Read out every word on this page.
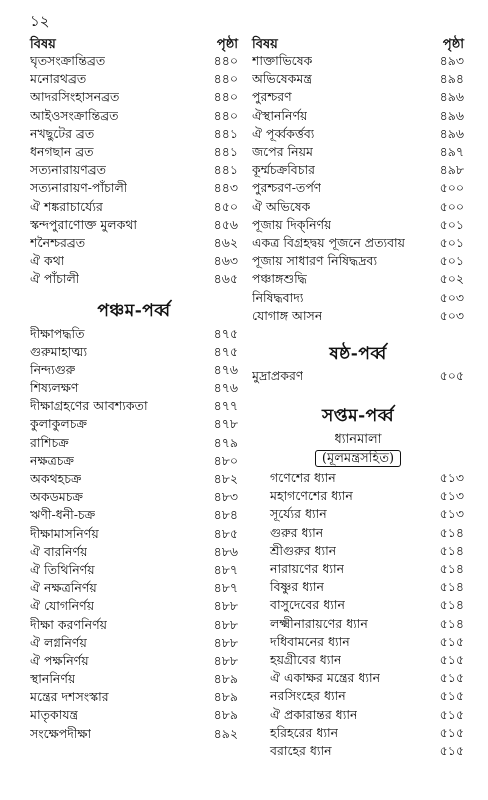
১২
বিষয়	পৃষ্ঠা
ঘৃতসংক্রান্তিব্রত	৪৪০
মনোরথব্রত	৪৪০
আদরসিংহাসনব্রত	৪৪০
আইওসংক্রান্তিব্রত	৪৪০
নখছুটের ব্রত	৪৪১
ধনগছান ব্রত	৪৪১
সত্যনারায়ণব্রত	৪৪১
সত্যনারায়ণ-পাঁচালী	৪৪৩
ঐ শঙ্করাচার্য্যের	৪৫০
স্কন্দপুরাণোক্ত মুলকথা	৪৫৬
শনৈশ্চরব্রত	৪৬২
ঐ কথা	৪৬৩
ঐ পাঁচালী	৪৬৫
পঞ্চম-পর্ব্ব
দীক্ষাপদ্ধতি	৪৭৫
গুরুমাহাত্ম্য	৪৭৫
নিন্দ্যগুরু	৪৭৬
শিষ্যলক্ষণ	৪৭৬
দীক্ষাগ্রহণের আবশ্যকতা	৪৭৭
কুলাকুলচক্র	৪৭৮
রাশিচক্র	৪৭৯
নক্ষত্রচক্র	৪৮০
অকথহচক্র	৪৮২
অকডমচক্র	৪৮৩
ঋণী-ধনী-চক্র	৪৮৪
দীক্ষামাসনির্ণয়	৪৮৫
ঐ বারনির্ণয়	৪৮৬
ঐ তিথিনির্ণয়	৪৮৭
ঐ নক্ষত্রনির্ণয়	৪৮৭
ঐ যোগনির্ণয়	৪৮৮
দীক্ষা করণনির্ণয়	৪৮৮
ঐ লগ্ননির্ণয়	৪৮৮
ঐ পক্ষনির্ণয়	৪৮৮
স্থাননির্ণয়	৪৮৯
মন্ত্রের দশসংস্কার	৪৮৯
মাতৃকাযন্ত্র	৪৮৯
সংক্ষেপদীক্ষা	৪৯২
বিষয়	পৃষ্ঠা
শাক্তাভিষেক	৪৯৩
অভিষেকমন্ত্র	৪৯৪
পুরশ্চরণ	৪৯৬
ঐস্থাননির্ণয়	৪৯৬
ঐ পূর্ব্বকর্ত্তব্য	৪৯৬
জপের নিয়ম	৪৯৭
কূর্ম্মচক্রবিচার	৪৯৮
পুরশ্চরণ-তর্পণ	৫০০
ঐ অভিষেক	৫০০
পূজায় দিক্‌নির্ণয়	৫০১
একত্র বিগ্রহদ্বয় পূজনে প্রত্যবায়	৫০১
পূজায় সাধারণ নিষিদ্ধদ্রব্য	৫০১
পঞ্চাঙ্গশুদ্ধি	৫০২
নিষিদ্ধবাদ্য	৫০৩
যোগাঙ্গ আসন	৫০৩
ষষ্ঠ-পর্ব্ব
মুদ্রাপ্রকরণ	৫০৫
সপ্তম-পর্ব্ব
ধ্যানমালা
(মূলমন্ত্রসহিত)
গণেশের ধ্যান	৫১৩
মহাগণেশের ধ্যান	৫১৩
সূর্য্যের ধ্যান	৫১৩
গুরুর ধ্যান	৫১৪
শ্রীগুরুর ধ্যান	৫১৪
নারায়ণের ধ্যান	৫১৪
বিষ্ণুর ধ্যান	৫১৪
বাসুদেবের ধ্যান	৫১৪
লক্ষ্মীনারায়ণের ধ্যান	৫১৪
দধিবামনের ধ্যান	৫১৫
হয়গ্রীবের ধ্যান	৫১৫
ঐ একাক্ষর মন্ত্রের ধ্যান	৫১৫
নরসিংহের ধ্যান	৫১৫
ঐ প্রকারান্তর ধ্যান	৫১৫
হরিহরের ধ্যান	৫১৫
বরাহের ধ্যান	৫১৫
